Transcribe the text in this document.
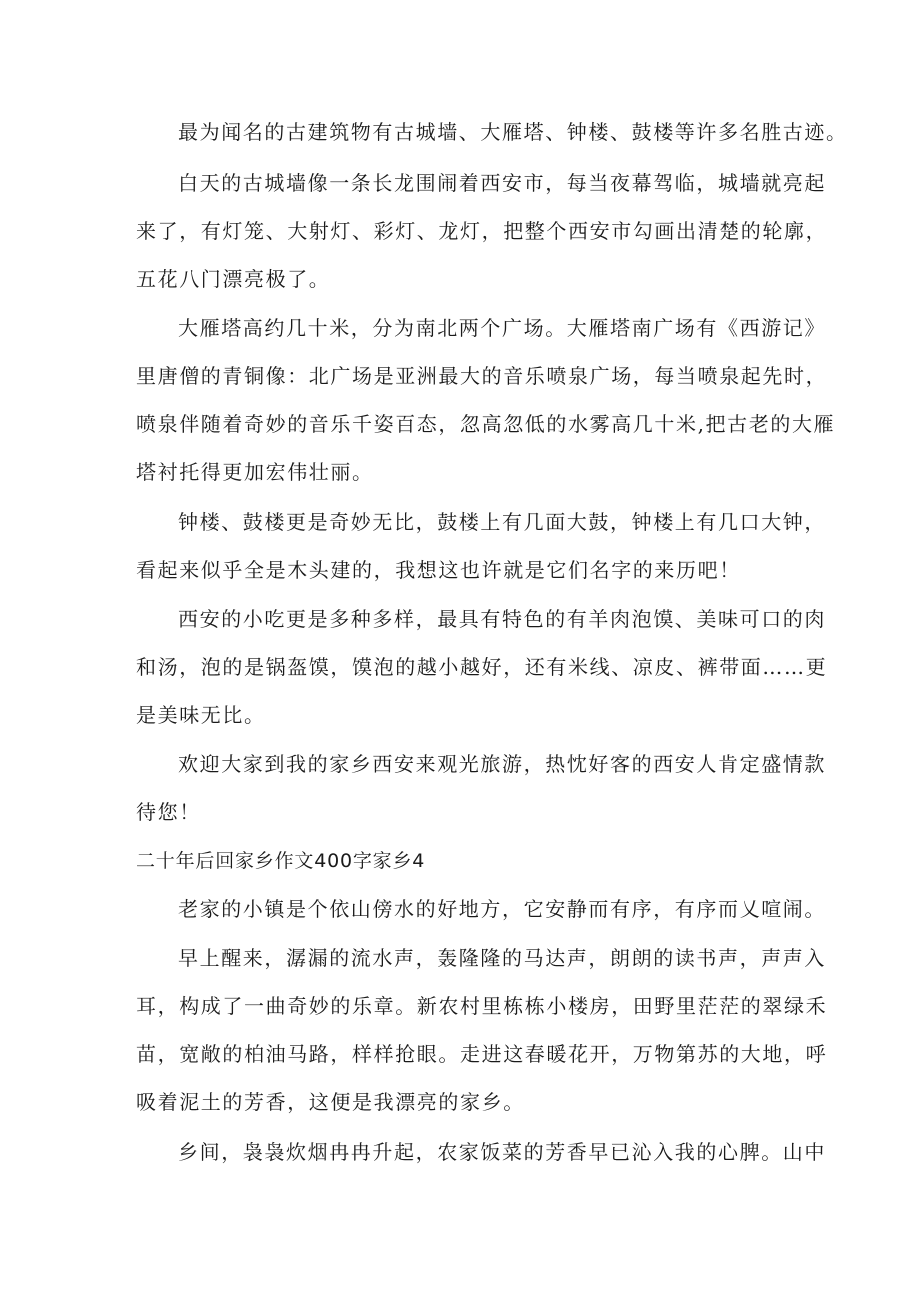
最为闻名的古建筑物有古城墙、大雁塔、钟楼、鼓楼等许多名胜古迹。
白天的古城墙像一条长龙围闹着西安市，每当夜幕驾临，城墙就亮起
来了，有灯笼、大射灯、彩灯、龙灯，把整个西安市勾画出清楚的轮廓，
五花八门漂亮极了。
大雁塔高约几十米，分为南北两个广场。大雁塔南广场有《西游记》
里唐僧的青铜像：北广场是亚洲最大的音乐喷泉广场，每当喷泉起先时，
喷泉伴随着奇妙的音乐千姿百态，忽高忽低的水雾高几十米,把古老的大雁
塔衬托得更加宏伟壮丽。
钟楼、鼓楼更是奇妙无比，鼓楼上有几面大鼓，钟楼上有几口大钟，
看起来似乎全是木头建的，我想这也许就是它们名字的来历吧！
西安的小吃更是多种多样，最具有特色的有羊肉泡馍、美味可口的肉
和汤，泡的是锅盔馍，馍泡的越小越好，还有米线、凉皮、裤带面……更
是美味无比。
欢迎大家到我的家乡西安来观光旅游，热忱好客的西安人肯定盛情款
待您！
二十年后回家乡作文400字家乡4
老家的小镇是个依山傍水的好地方，它安静而有序，有序而乂喧闹。
早上醒来，潺漏的流水声，轰隆隆的马达声，朗朗的读书声，声声入
耳，构成了一曲奇妙的乐章。新农村里栋栋小楼房，田野里茫茫的翠绿禾
苗，宽敞的柏油马路，样样抢眼。走进这春暖花开，万物第苏的大地，呼
吸着泥土的芳香，这便是我漂亮的家乡。
乡间，袅袅炊烟冉冉升起，农家饭菜的芳香早已沁入我的心脾。山中
